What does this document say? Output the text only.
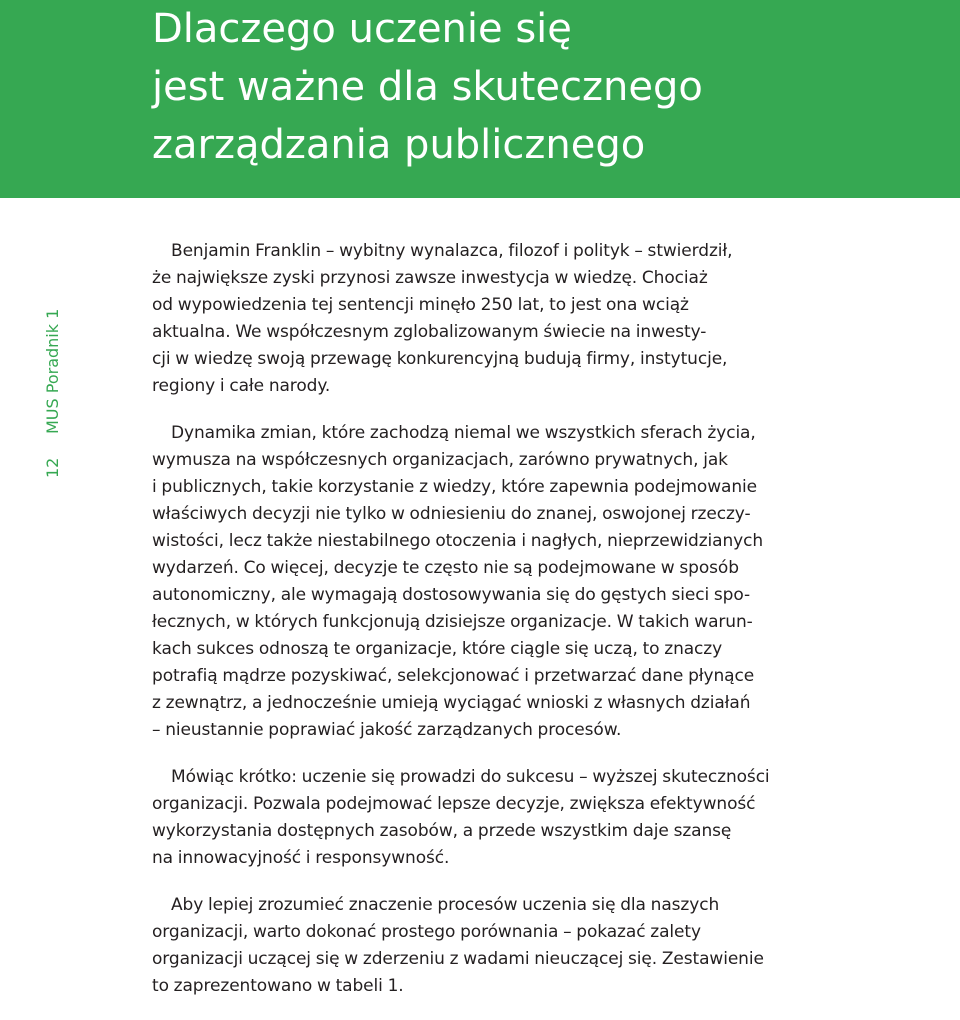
Dlaczego uczenie się
jest ważne dla skutecznego
zarządzania publicznego
MUS Poradnik 1
12

Benjamin Franklin – wybitny wynalazca, filozof i polityk – stwierdził,
że największe zyski przynosi zawsze inwestycja w wiedzę. Chociaż
od wypowiedzenia tej sentencji minęło 250 lat, to jest ona wciąż
aktualna. We współczesnym zglobalizowanym świecie na inwesty-
cji w wiedzę swoją przewagę konkurencyjną budują firmy, instytucje,
regiony i całe narody.

Dynamika zmian, które zachodzą niemal we wszystkich sferach życia,
wymusza na współczesnych organizacjach, zarówno prywatnych, jak
i publicznych, takie korzystanie z wiedzy, które zapewnia podejmowanie
właściwych decyzji nie tylko w odniesieniu do znanej, oswojonej rzeczy-
wistości, lecz także niestabilnego otoczenia i nagłych, nieprzewidzianych
wydarzeń. Co więcej, decyzje te często nie są podejmowane w sposób
autonomiczny, ale wymagają dostosowywania się do gęstych sieci spo-
łecznych, w których funkcjonują dzisiejsze organizacje. W takich warun-
kach sukces odnoszą te organizacje, które ciągle się uczą, to znaczy
potrafią mądrze pozyskiwać, selekcjonować i przetwarzać dane płynące
z zewnątrz, a jednocześnie umieją wyciągać wnioski z własnych działań
– nieustannie poprawiać jakość zarządzanych procesów.

Mówiąc krótko: uczenie się prowadzi do sukcesu – wyższej skuteczności
organizacji. Pozwala podejmować lepsze decyzje, zwiększa efektywność
wykorzystania dostępnych zasobów, a przede wszystkim daje szansę
na innowacyjność i responsywność.

Aby lepiej zrozumieć znaczenie procesów uczenia się dla naszych
organizacji, warto dokonać prostego porównania – pokazać zalety
organizacji uczącej się w zderzeniu z wadami nieuczącej się. Zestawienie
to zaprezentowano w tabeli 1.
